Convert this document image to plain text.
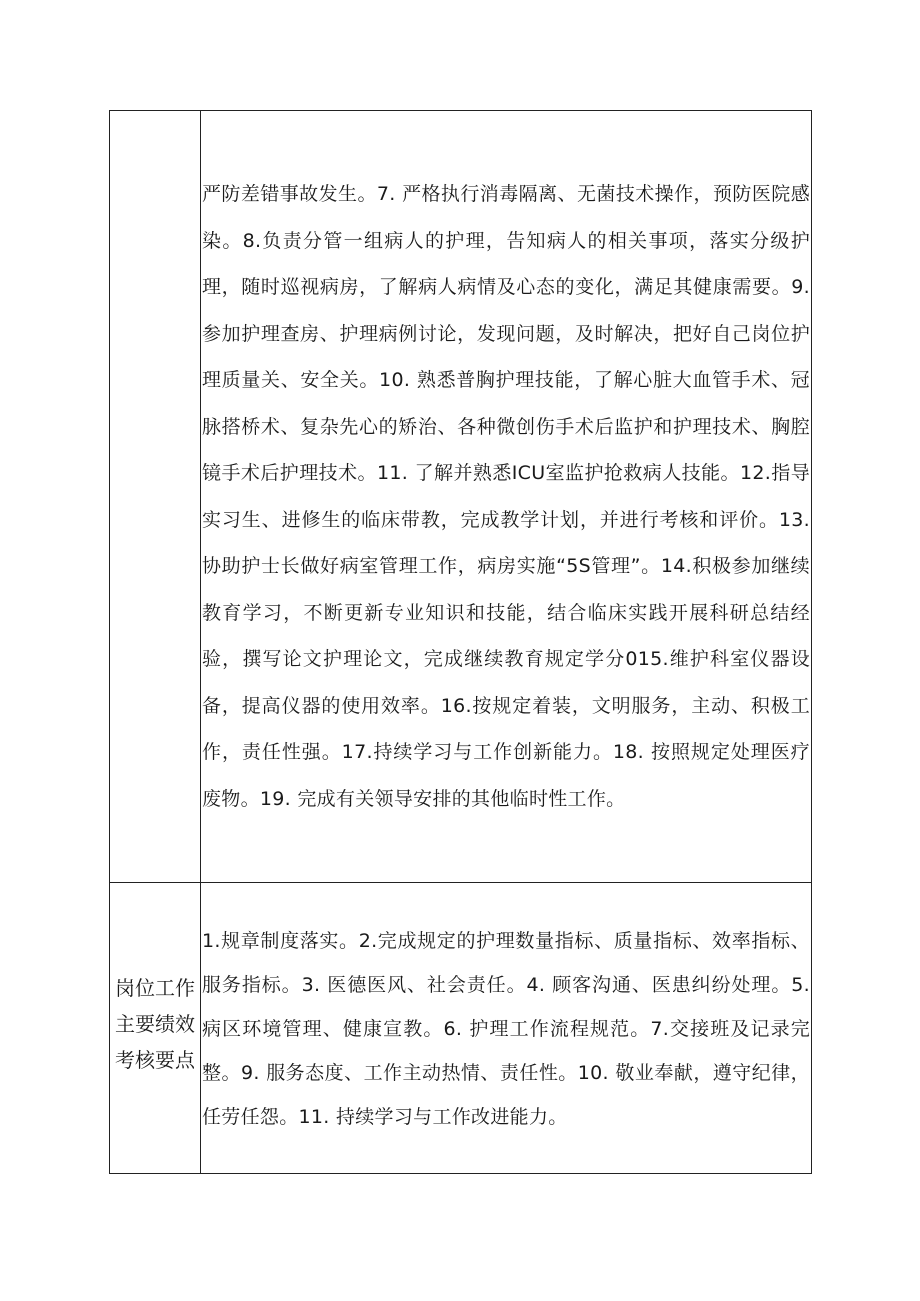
	严防差错事故发生。7. 严格执行消毒隔离、无菌技术操作，预防医院感染。8.负责分管一组病人的护理，告知病人的相关事项，落实分级护理，随时巡视病房，了解病人病情及心态的变化，满足其健康需要。9. 参加护理查房、护理病例讨论，发现问题，及时解决，把好自己岗位护理质量关、安全关。10. 熟悉普胸护理技能，了解心脏大血管手术、冠脉搭桥术、复杂先心的矫治、各种微创伤手术后监护和护理技术、胸腔镜手术后护理技术。11. 了解并熟悉ICU室监护抢救病人技能。12.指导实习生、进修生的临床带教，完成教学计划，并进行考核和评价。13. 协助护士长做好病室管理工作，病房实施“5S管理”。14.积极参加继续教育学习，不断更新专业知识和技能，结合临床实践开展科研总结经验，撰写论文护理论文，完成继续教育规定学分015.维护科室仪器设备，提高仪器的使用效率。16.按规定着装，文明服务，主动、积极工作，责任性强。17.持续学习与工作创新能力。18. 按照规定处理医疗废物。19. 完成有关领导安排的其他临时性工作。

岗位工作主要绩效考核要点	1.规章制度落实。2.完成规定的护理数量指标、质量指标、效率指标、服务指标。3. 医德医风、社会责任。4. 顾客沟通、医患纠纷处理。5.病区环境管理、健康宣教。6. 护理工作流程规范。7.交接班及记录完整。9. 服务态度、工作主动热情、责任性。10. 敬业奉献，遵守纪律，任劳任怨。11. 持续学习与工作改进能力。
